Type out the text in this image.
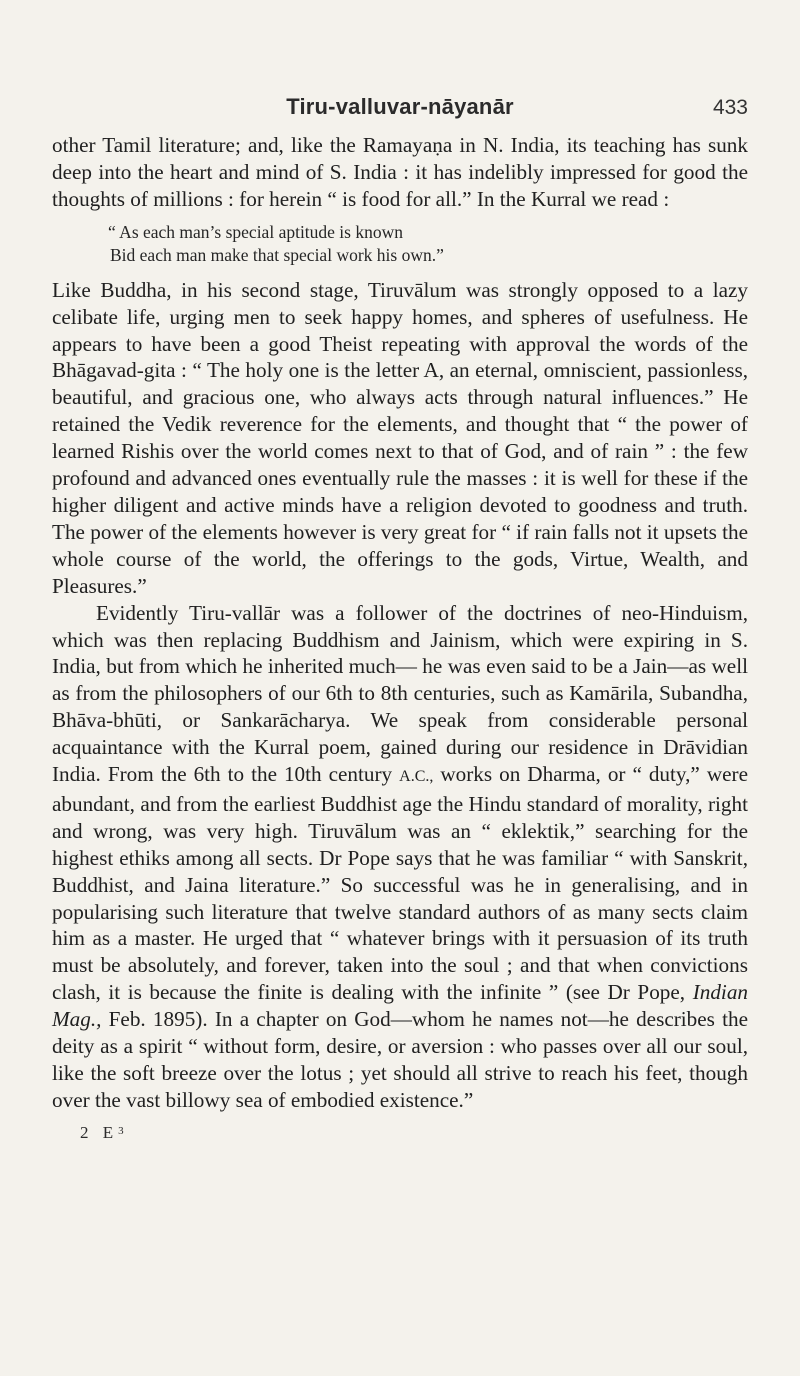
Tiru-valluvar-nāyanār	433

other Tamil literature; and, like the Ramayaṇa in N. India, its teaching has sunk deep into the heart and mind of S. India : it has indelibly impressed for good the thoughts of millions : for herein “ is food for all.” In the Kurral we read :

“ As each man’s special aptitude is known
Bid each man make that special work his own.”

Like Buddha, in his second stage, Tiruvālum was strongly opposed to a lazy celibate life, urging men to seek happy homes, and spheres of usefulness. He appears to have been a good Theist repeating with approval the words of the Bhāgavad-gita : “ The holy one is the letter A, an eternal, omniscient, passionless, beautiful, and gracious one, who always acts through natural influences.” He retained the Vedik reverence for the elements, and thought that “ the power of learned Rishis over the world comes next to that of God, and of rain ” : the few profound and advanced ones eventually rule the masses : it is well for these if the higher diligent and active minds have a religion devoted to goodness and truth. The power of the elements however is very great for “ if rain falls not it upsets the whole course of the world, the offerings to the gods, Virtue, Wealth, and Pleasures.”

Evidently Tiru-vallār was a follower of the doctrines of neo-Hinduism, which was then replacing Buddhism and Jainism, which were expiring in S. India, but from which he inherited much— he was even said to be a Jain—as well as from the philosophers of our 6th to 8th centuries, such as Kamārila, Subandha, Bhāva-bhūti, or Sankarācharya. We speak from considerable personal acquaintance with the Kurral poem, gained during our residence in Drāvidian India. From the 6th to the 10th century A.C., works on Dharma, or “ duty,” were abundant, and from the earliest Buddhist age the Hindu standard of morality, right and wrong, was very high. Tiruvālum was an “ eklektik,” searching for the highest ethiks among all sects. Dr Pope says that he was familiar “ with Sanskrit, Buddhist, and Jaina literature.” So successful was he in generalising, and in popularising such literature that twelve standard authors of as many sects claim him as a master. He urged that “ whatever brings with it persuasion of its truth must be absolutely, and forever, taken into the soul ; and that when convictions clash, it is because the finite is dealing with the infinite ” (see Dr Pope, Indian Mag., Feb. 1895). In a chapter on God—whom he names not—he describes the deity as a spirit “ without form, desire, or aversion : who passes over all our soul, like the soft breeze over the lotus ; yet should all strive to reach his feet, though over the vast billowy sea of embodied existence.”

2 $E^3$
